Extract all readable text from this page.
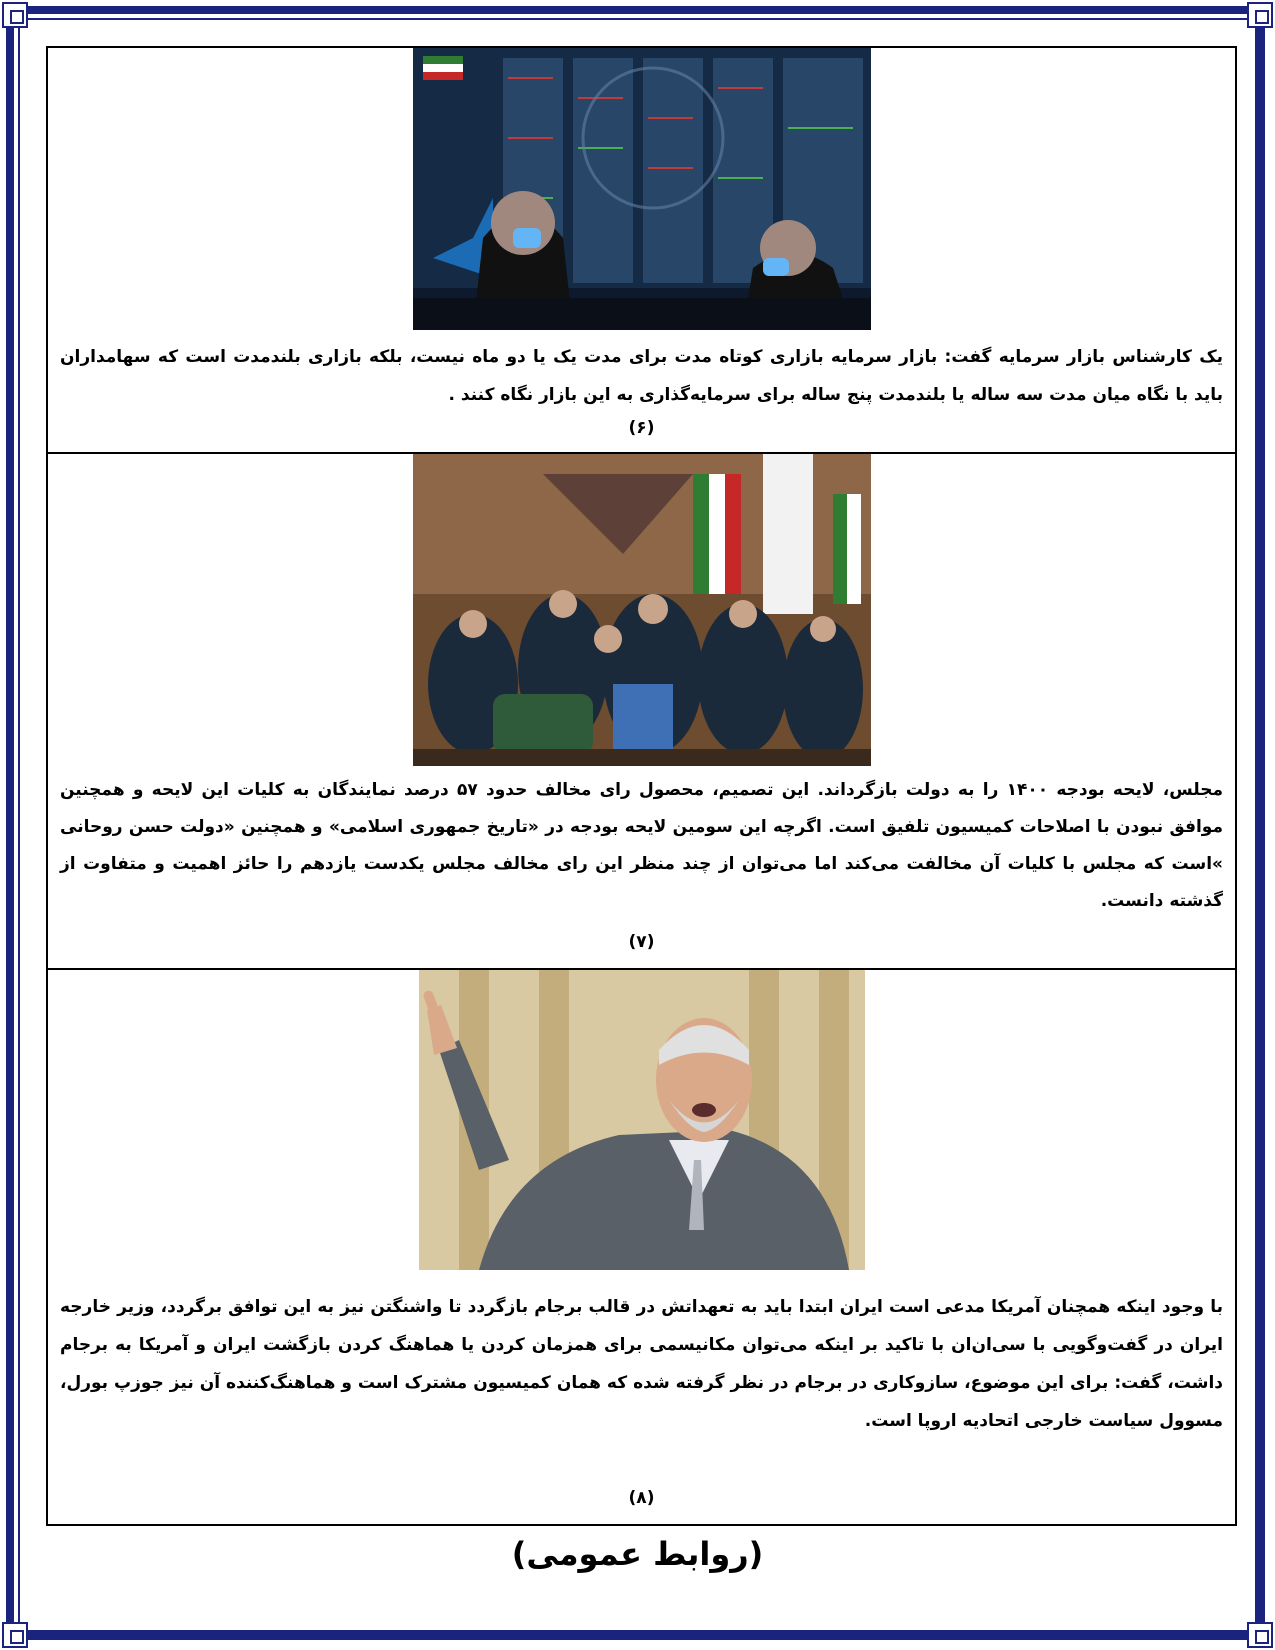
یک کارشناس بازار سرمایه گفت: بازار سرمایه بازاری کوتاه مدت برای مدت یک یا دو ماه نیست، بلکه بازاری بلندمدت است که سهامداران باید با نگاه میان مدت سه ساله یا بلندمدت پنج ساله برای سرمایه‌گذاری به این بازار نگاه کنند .
(۶)
مجلس، لایحه بودجه ۱۴۰۰ را به دولت بازگرداند. این تصمیم، محصول رای مخالف حدود ۵۷ درصد نمایندگان به کلیات این لایحه و همچنین موافق نبودن با اصلاحات کمیسیون تلفیق است. اگرچه این سومین لایحه بودجه در «تاریخ جمهوری اسلامی» و همچنین «دولت حسن روحانی »است که مجلس با کلیات آن مخالفت می‌کند اما می‌توان از چند منظر این رای مخالف مجلس یکدست یازدهم را حائز اهمیت و متفاوت از گذشته دانست.
(۷)
با وجود اینکه همچنان آمریکا مدعی است ایران ابتدا باید به تعهداتش در قالب برجام بازگردد تا واشنگتن نیز به این توافق برگردد، وزیر خارجه ایران در گفت‌وگویی با سی‌ان‌ان با تاکید بر اینکه می‌توان مکانیسمی برای همزمان کردن یا هماهنگ کردن بازگشت ایران و آمریکا به برجام داشت، گفت: برای این موضوع، سازوکاری در برجام در نظر گرفته شده که همان کمیسیون مشترک است و هماهنگ‌کننده آن نیز جوزپ بورل، مسوول سیاست خارجی اتحادیه اروپا است.
(۸)
(روابط عمومی)
